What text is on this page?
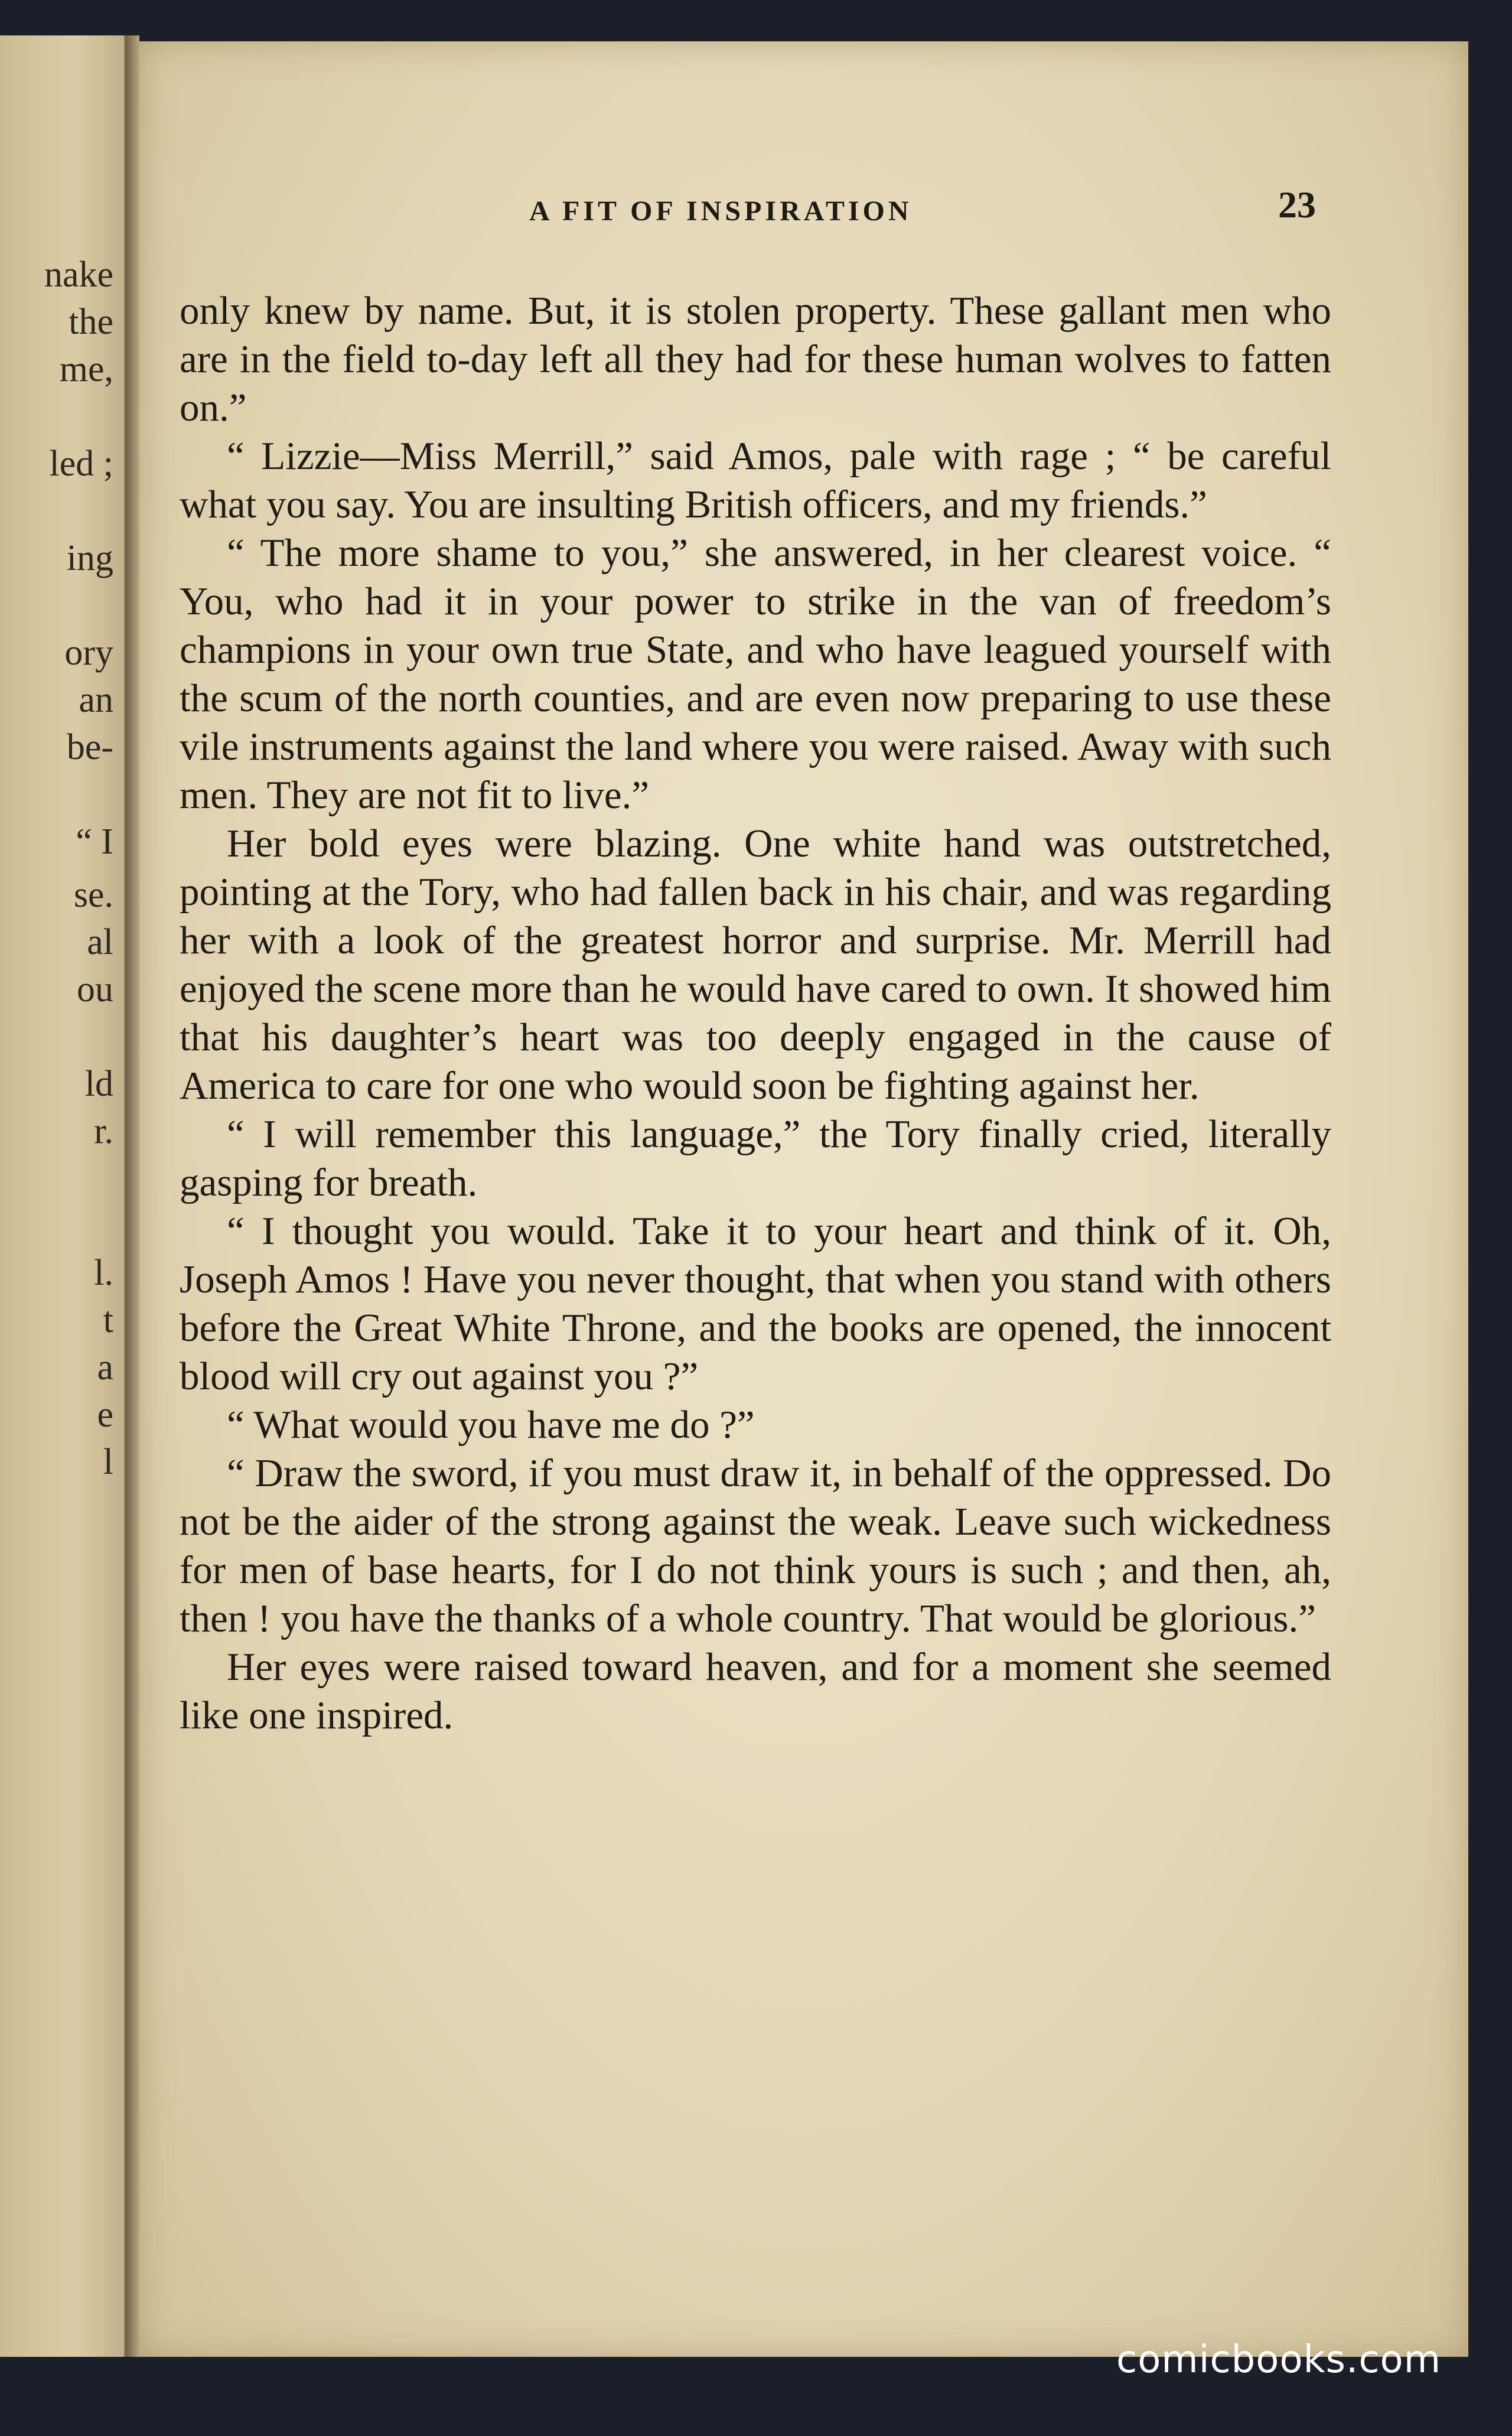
nake
the
me,
led ;
ing
ory
an
be-
“ I
se.
al
ou
ld
r.
l.
t
a
e
l
A FIT OF INSPIRATION	23

only knew by name. But, it is stolen property. These gallant men who are in the field to-day left all they had for these human wolves to fatten on.”

“ Lizzie—Miss Merrill,” said Amos, pale with rage ; “ be careful what you say. You are insulting British officers, and my friends.”

“ The more shame to you,” she answered, in her clearest voice. “ You, who had it in your power to strike in the van of freedom’s champions in your own true State, and who have leagued yourself with the scum of the north counties, and are even now preparing to use these vile instruments against the land where you were raised. Away with such men. They are not fit to live.”

Her bold eyes were blazing. One white hand was outstretched, pointing at the Tory, who had fallen back in his chair, and was regarding her with a look of the greatest horror and surprise. Mr. Merrill had enjoyed the scene more than he would have cared to own. It showed him that his daughter’s heart was too deeply engaged in the cause of America to care for one who would soon be fighting against her.

“ I will remember this language,” the Tory finally cried, literally gasping for breath.

“ I thought you would. Take it to your heart and think of it. Oh, Joseph Amos ! Have you never thought, that when you stand with others before the Great White Throne, and the books are opened, the innocent blood will cry out against you ?”

“ What would you have me do ?”

“ Draw the sword, if you must draw it, in behalf of the oppressed. Do not be the aider of the strong against the weak. Leave such wickedness for men of base hearts, for I do not think yours is such ; and then, ah, then ! you have the thanks of a whole country. That would be glorious.”

Her eyes were raised toward heaven, and for a moment she seemed like one inspired.

comicbooks.com
